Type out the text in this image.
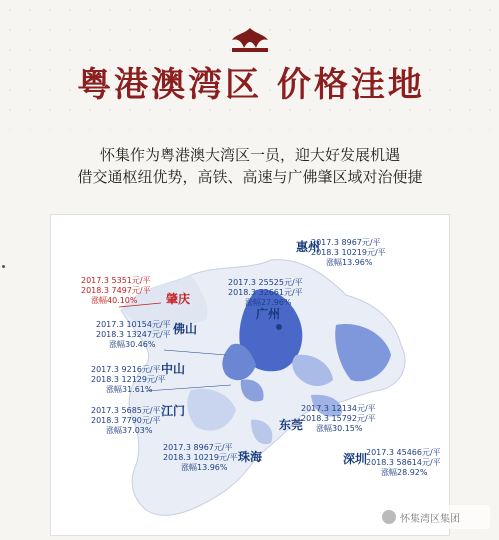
粤港澳湾区 价格洼地
怀集作为粤港澳大湾区一员，迎大好发展机遇
借交通枢纽优势，高铁、高速与广佛肇区域对治便捷
2017.3 5351元/平
2018.3 7497元/平
涨幅40.10% 肇庆
2017.3 10154元/平
2018.3 13247元/平
涨幅30.46%
佛山
2017.3 9216元/平
2018.3 12129元/平
涨幅31.61%
中山
2017.3 5685元/平
2018.3 7790元/平
涨幅37.03%
江门
2017.3 8967元/平
2018.3 10219元/平
涨幅13.96%
珠海
2017.3 25525元/平
2018.3 32661元/平
涨幅27.96%
广州
惠州
2017.3 8967元/平
2018.3 10219元/平
涨幅13.96%
2017.3 12134元/平
2018.3 15792元/平
涨幅30.15%
东莞
深圳
2017.3 45466元/平
2018.3 58614元/平
涨幅28.92%
怀集湾区集团
